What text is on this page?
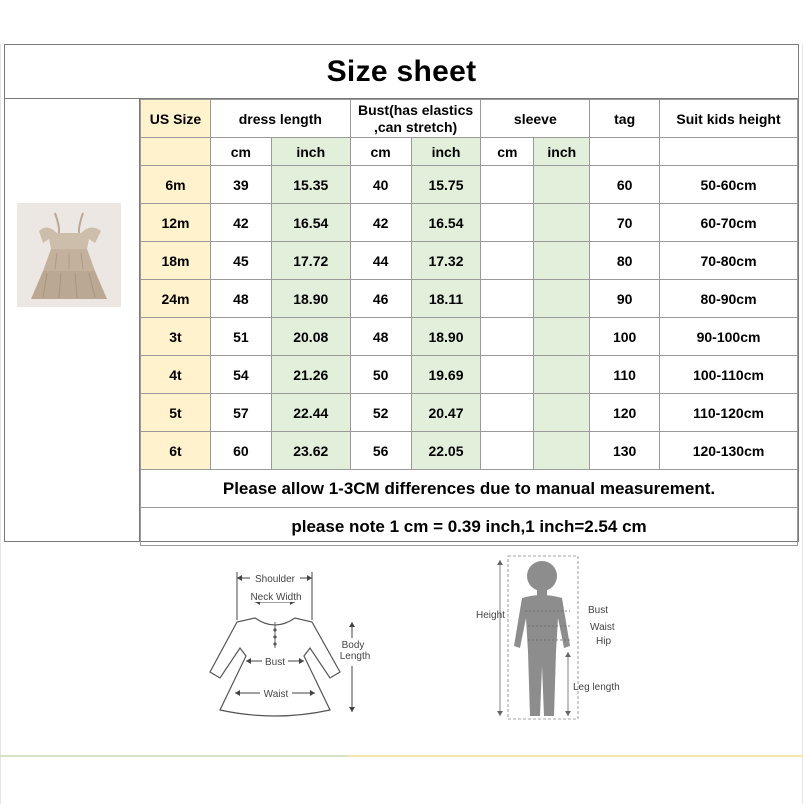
Size sheet
US Size	dress length		Bust(has elastics ,can stretch)		sleeve		tag	Suit kids height
	cm	inch	cm	inch	cm	inch		
6m	39	15.35	40	15.75			60	50-60cm
12m	42	16.54	42	16.54			70	60-70cm
18m	45	17.72	44	17.32			80	70-80cm
24m	48	18.90	46	18.11			90	80-90cm
3t	51	20.08	48	18.90			100	90-100cm
4t	54	21.26	50	19.69			110	100-110cm
5t	57	22.44	52	20.47			120	110-120cm
6t	60	23.62	56	22.05			130	120-130cm
Please allow 1-3CM differences due to manual measurement.								
please note 1 cm = 0.39 inch,1 inch=2.54 cm								
Shoulder
Neck Width
Bust
Waist
Body Length
Height	Bust
Waist
Hip
Leg length
